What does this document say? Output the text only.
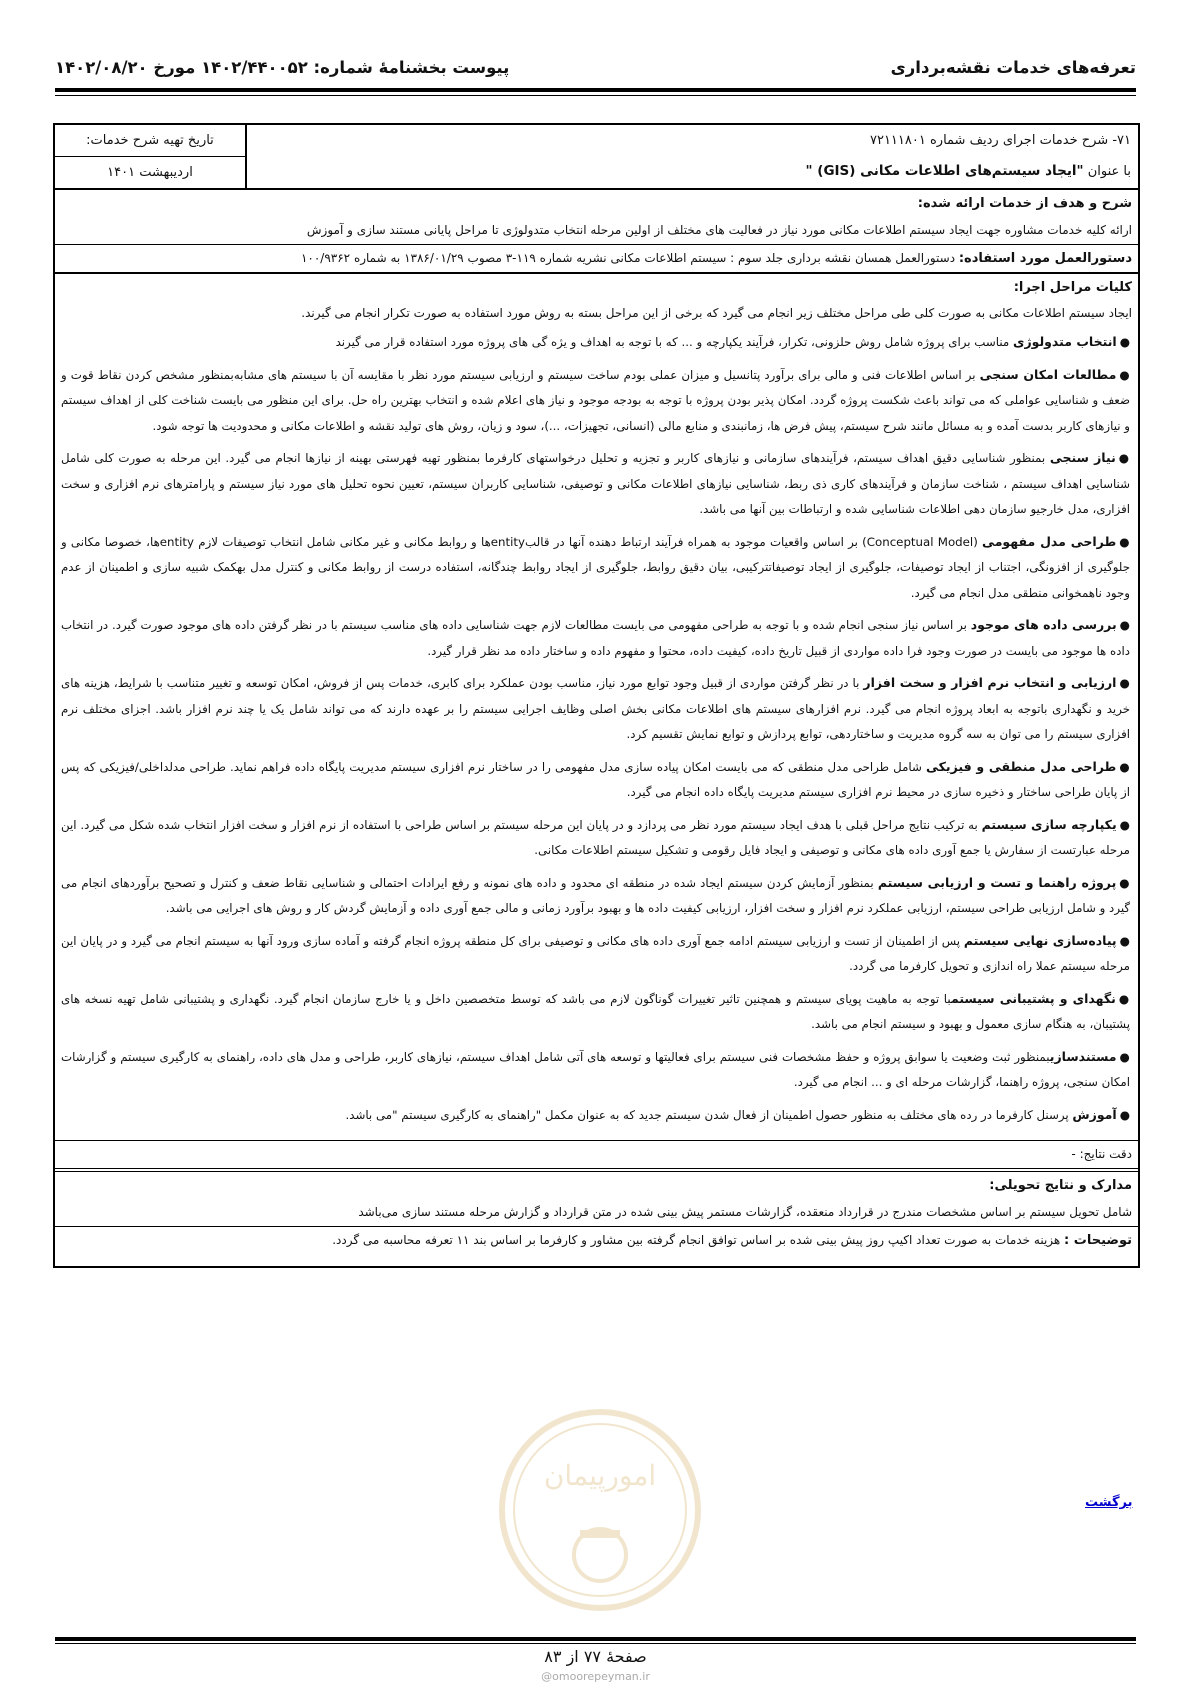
تعرفه‌های خدمات نقشه‌برداری
پیوست بخشنامهٔ شماره: ۱۴۰۲/۴۴۰۰۵۲ مورخ ۱۴۰۲/۰۸/۲۰
۷۱- شرح خدمات اجرای ردیف شماره ۷۲۱۱۱۸۰۱
با عنوان "ایجاد سیستم‌های اطلاعات مکانی (GIS) "
تاریخ تهیه شرح خدمات:
اردیبهشت ۱۴۰۱
شرح و هدف از خدمات ارائه شده:
ارائه کلیه خدمات مشاوره جهت ایجاد سیستم اطلاعات مکانی مورد نیاز در فعالیت های مختلف از اولین مرحله انتخاب متدولوژی تا مراحل پایانی مستند سازی و آموزش
دستورالعمل مورد استفاده: دستورالعمل همسان نقشه برداری جلد سوم : سیستم اطلاعات مکانی نشریه شماره ۱۱۹-۳ مصوب ۱۳۸۶/۰۱/۲۹ به شماره ۱۰۰/۹۳۶۲
کلیات مراحل اجرا:
ایجاد سیستم اطلاعات مکانی به صورت کلی طی مراحل مختلف زیر انجام می گیرد که برخی از این مراحل بسته به روش مورد استفاده به صورت تکرار انجام می گیرند.
●انتخاب متدولوژی مناسب برای پروژه شامل روش حلزونی، تکرار، فرآیند یکپارچه و ... که با توجه به اهداف و یژه گی های پروژه مورد استفاده قرار می گیرند
●مطالعات امکان سنجی بر اساس اطلاعات فنی و مالی برای برآورد پتانسیل و میزان عملی بودم ساخت سیستم و ارزیابی سیستم مورد نظر با مقایسه آن با سیستم های مشابه‌بمنظور مشخص کردن نقاط قوت و ضعف و شناسایی عواملی که می تواند باعث شکست پروژه گردد. امکان پذیر بودن پروژه با توجه به بودجه موجود و نیاز های اعلام شده و انتخاب بهترین راه حل. برای این منظور می بایست شناخت کلی از اهداف سیستم و نیازهای کاربر بدست آمده و به مسائل مانند شرح سیستم، پیش فرض ها، زمانبندی و منابع مالی (انسانی، تجهیزات، ...)، سود و زیان، روش های تولید نقشه و اطلاعات مکانی و محدودیت ها توجه شود.
●نیاز سنجی بمنظور شناسایی دقیق اهداف سیستم، فرآیندهای سازمانی و نیازهای کاربر و تجزیه و تحلیل درخواستهای کارفرما بمنظور تهیه فهرستی بهینه از نیازها انجام می گیرد. این مرحله به صورت کلی شامل شناسایی اهداف سیستم ، شناخت سازمان و فرآیندهای کاری ذی ربط، شناسایی نیازهای اطلاعات مکانی و توصیفی، شناسایی کاربران سیستم، تعیین نحوه تحلیل های مورد نیاز سیستم و پارامترهای نرم افزاری و سخت افزاری، مدل خارجیو سازمان دهی اطلاعات شناسایی شده و ارتباطات بین آنها می باشد.
●طراحی مدل مفهومی (Conceptual Model) بر اساس واقعیات موجود به همراه فرآیند ارتباط دهنده آنها در قالبentityها و روابط مکانی و غیر مکانی شامل انتخاب توصیفات لازم entityها، خصوصا مکانی و جلوگیری از افزونگی، اجتناب از ایجاد توصیفات، جلوگیری از ایجاد توصیفاتترکیبی، بیان دقیق روابط، جلوگیری از ایجاد روابط چندگانه، استفاده درست از روابط مکانی و کنترل مدل بهکمک شبیه سازی و اطمینان از عدم وجود ناهمخوانی منطقی مدل انجام می گیرد.
●بررسی داده های موجود بر اساس نیاز سنجی انجام شده و با توجه به طراحی مفهومی می بایست مطالعات لازم جهت شناسایی داده های مناسب سیستم با در نظر گرفتن داده های موجود صورت گیرد. در انتخاب داده ها موجود می بایست در صورت وجود فرا داده مواردی از قبیل تاریخ داده، کیفیت داده، محتوا و مفهوم داده و ساختار داده مد نظر قرار گیرد.
●ارزیابی و انتخاب نرم افزار و سخت افزار با در نظر گرفتن مواردی از قبیل وجود توابع مورد نیاز، مناسب بودن عملکرد برای کابری، خدمات پس از فروش، امکان توسعه و تغییر متناسب با شرایط، هزینه های خرید و نگهداری باتوجه به ابعاد پروژه انجام می گیرد. نرم افزارهای سیستم های اطلاعات مکانی بخش اصلی وظایف اجرایی سیستم را بر عهده دارند که می تواند شامل یک یا چند نرم افزار باشد. اجزای مختلف نرم افزاری سیستم را می توان به سه گروه مدیریت و ساختاردهی، توابع پردازش و توابع نمایش تقسیم کرد.
●طراحی مدل منطقی و فیزیکی شامل طراحی مدل منطقی که می بایست امکان پیاده سازی مدل مفهومی را در ساختار نرم افزاری سیستم مدیریت پایگاه داده فراهم نماید. طراحی مدلداخلی/فیزیکی که پس از پایان طراحی ساختار و ذخیره سازی در محیط نرم افزاری سیستم مدیریت پایگاه داده انجام می گیرد.
●یکپارچه سازی سیستم به ترکیب نتایج مراحل قبلی با هدف ایجاد سیستم مورد نظر می پردازد و در پایان این مرحله سیستم بر اساس طراحی با استفاده از نرم افزار و سخت افزار انتخاب شده شکل می گیرد. این مرحله عبارتست از سفارش یا جمع آوری داده های مکانی و توصیفی و ایجاد فایل رقومی و تشکیل سیستم اطلاعات مکانی.
●پروژه راهنما و تست و ارزیابی سیستم بمنظور آزمایش کردن سیستم ایجاد شده در منطقه ای محدود و داده های نمونه و رفع ایرادات احتمالی و شناسایی نقاط ضعف و کنترل و تصحیح برآوردهای انجام می گیرد و شامل ارزیابی طراحی سیستم، ارزیابی عملکرد نرم افزار و سخت افزار، ارزیابی کیفیت داده ها و بهبود برآورد زمانی و مالی جمع آوری داده و آزمایش گردش کار و روش های اجرایی می باشد.
●پیاده‌سازی نهایی سیستم پس از اطمینان از تست و ارزیابی سیستم ادامه جمع آوری داده های مکانی و توصیفی برای کل منطقه پروژه انجام گرفته و آماده سازی ورود آنها به سیستم انجام می گیرد و در پایان این مرحله سیستم عملا راه اندازی و تحویل کارفرما می گردد.
●نگهدای و پشتیبانی سیستمبا توجه به ماهیت پویای سیستم و همچنین تاثیر تغییرات گوناگون لازم می باشد که توسط متخصصین داخل و یا خارج سازمان انجام گیرد. نگهداری و پشتیبانی شامل تهیه نسخه های پشتیبان، به هنگام سازی معمول و بهبود و سیستم انجام می باشد.
●مستندسازیبمنظور ثبت وضعیت یا سوابق پروژه و حفظ مشخصات فنی سیستم برای فعالیتها و توسعه های آتی شامل اهداف سیستم، نیازهای کاربر، طراحی و مدل های داده، راهنمای به کارگیری سیستم و گزارشات امکان سنجی، پروژه راهنما، گزارشات مرحله ای و ... انجام می گیرد.
●آموزش پرسنل کارفرما در رده های مختلف به منظور حصول اطمینان از فعال شدن سیستم جدید که به عنوان مکمل "راهنمای به کارگیری سیستم "می باشد.
دقت نتایج: -
مدارک و نتایج تحویلی:
شامل تحویل سیستم بر اساس مشخصات مندرج در قرارداد منعقده، گزارشات مستمر پیش بینی شده در متن قرارداد و گزارش مرحله مستند سازی می‌باشد
توضیحات : هزینه خدمات به صورت تعداد اکیپ روز پیش بینی شده بر اساس توافق انجام گرفته بین مشاور و کارفرما بر اساس بند ۱۱ تعرفه محاسبه می گردد.
برگشت
امورپیمان
صفحهٔ ۷۷ از ۸۳
@omoorepeyman.ir
